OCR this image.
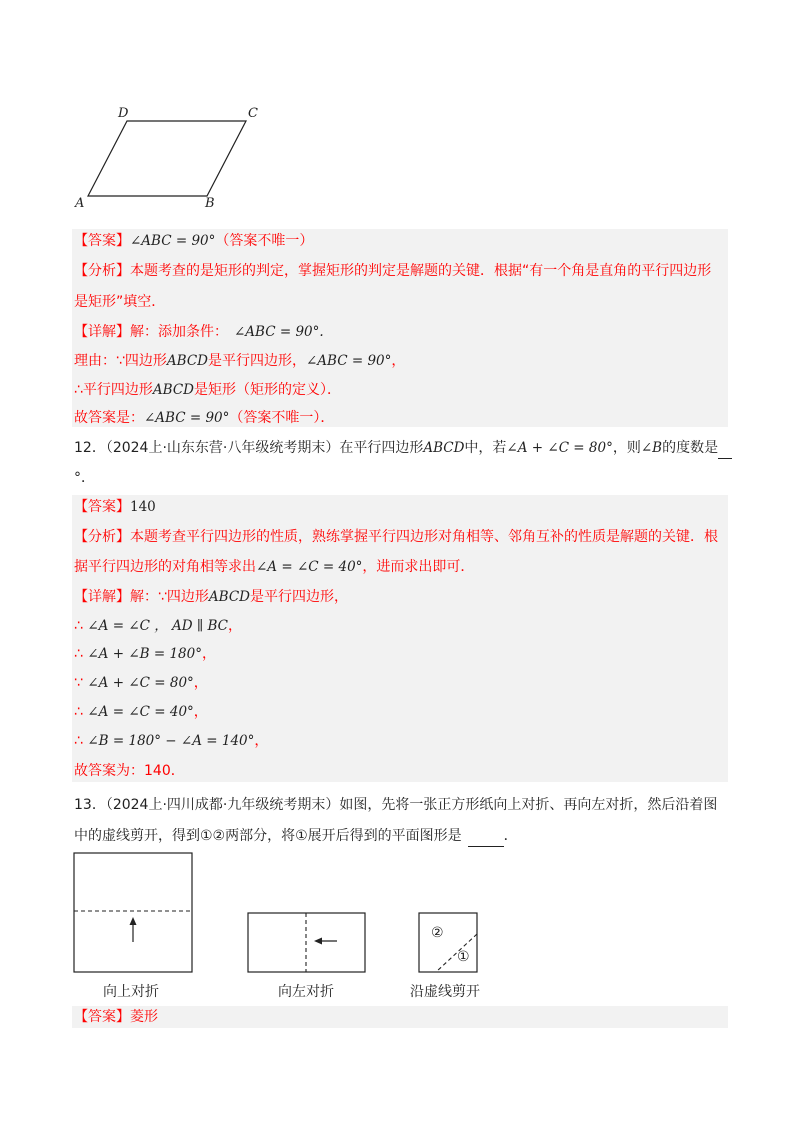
D	C
A	B
【答案】∠ABC = 90°（答案不唯一）
【分析】本题考查的是矩形的判定，掌握矩形的判定是解题的关键．根据“有一个角是直角的平行四边形
是矩形”填空．
【详解】解：添加条件： ∠ABC = 90°.
理由：∵四边形ABCD是平行四边形，∠ABC = 90°，
∴平行四边形ABCD是矩形（矩形的定义）．
故答案是：∠ABC = 90°（答案不唯一）．
12．（2024上·山东东营·八年级统考期末）在平行四边形ABCD中，若∠A + ∠C = 80°，则∠B的度数是
°．
【答案】140
【分析】本题考查平行四边形的性质，熟练掌握平行四边形对角相等、邻角互补的性质是解题的关键．根
据平行四边形的对角相等求出∠A = ∠C = 40°，进而求出即可．
【详解】解：∵四边形ABCD是平行四边形，
∴ ∠A = ∠C ， AD ∥ BC，
∴ ∠A + ∠B = 180°，
∵ ∠A + ∠C = 80°，
∴ ∠A = ∠C = 40°，
∴ ∠B = 180° − ∠A = 140°，
故答案为：140．
13．（2024上·四川成都·九年级统考期末）如图，先将一张正方形纸向上对折、再向左对折，然后沿着图
中的虚线剪开，得到①②两部分，将①展开后得到的平面图形是	．
②
①
向上对折	向左对折	沿虚线剪开
【答案】菱形
